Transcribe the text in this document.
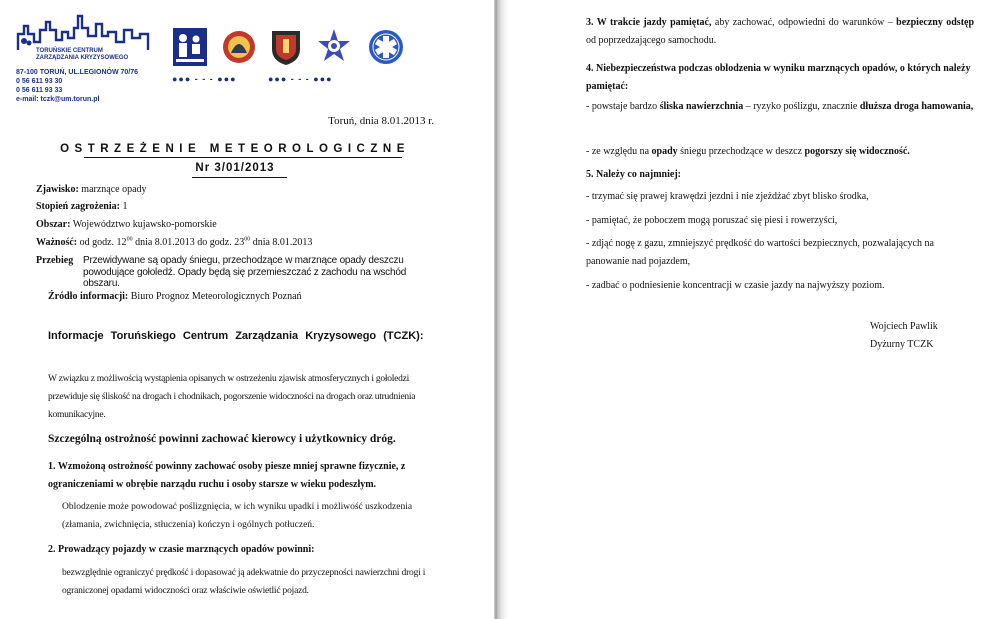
TORUŃSKIE CENTRUM
ZARZĄDZANIA KRYZYSOWEGO
87-100 TORUŃ, UL.LEGIONÓW 70/76
0 56 611 93 30
0 56 611 93 33
e-mail: tczk@um.torun.pl
●●● - - - ●●●	●●● - - - ●●●
Toruń, dnia 8.01.2013 r.
OSTRZEŻENIE METEOROLOGICZNE
Nr 3/01/2013
Zjawisko: marznące opady
Stopień zagrożenia: 1
Obszar: Województwo kujawsko-pomorskie
Ważność: od godz. $12^{00}$ dnia 8.01.2013 do godz. $23^{00}$ dnia 8.01.2013
Przebieg Przewidywane są opady śniegu, przechodzące w marznące opady deszczu powodujące gołoledź. Opady będą się przemieszczać z zachodu na wschód obszaru.
Źródło informacji: Biuro Prognoz Meteorologicznych Poznań
Informacje Toruńskiego Centrum Zarządzania Kryzysowego (TCZK):
W związku z możliwością wystąpienia opisanych w ostrzeżeniu zjawisk atmosferycznych i gołoledzi przewiduje się śliskość na drogach i chodnikach, pogorszenie widoczności na drogach oraz utrudnienia komunikacyjne.
Szczególną ostrożność powinni zachować kierowcy i użytkownicy dróg.
1. Wzmożoną ostrożność powinny zachować osoby piesze mniej sprawne fizycznie, z ograniczeniami w obrębie narządu ruchu i osoby starsze w wieku podeszłym.
Oblodzenie może powodować poślizgnięcia, w ich wyniku upadki i możliwość uszkodzenia (złamania, zwichnięcia, stłuczenia) kończyn i ogólnych potłuczeń.
2. Prowadzący pojazdy w czasie marznących opadów powinni:
bezwzględnie ograniczyć prędkość i dopasować ją adekwatnie do przyczepności nawierzchni drogi i ograniczonej opadami widoczności oraz właściwie oświetlić pojazd.
3. W trakcie jazdy pamiętać, aby zachować, odpowiedni do warunków – bezpieczny odstęp od poprzedzającego samochodu.
4. Niebezpieczeństwa podczas oblodzenia w wyniku marznących opadów, o których należy pamiętać:
- powstaje bardzo śliska nawierzchnia – ryzyko poślizgu, znacznie dłuższa droga hamowania,
- ze względu na opady śniegu przechodzące w deszcz pogorszy się widoczność.
5. Należy co najmniej:
- trzymać się prawej krawędzi jezdni i nie zjeżdżać zbyt blisko środka,
- pamiętać, że poboczem mogą poruszać się piesi i rowerzyści,
- zdjąć nogę z gazu, zmniejszyć prędkość do wartości bezpiecznych, pozwalających na panowanie nad pojazdem,
- zadbać o podniesienie koncentracji w czasie jazdy na najwyższy poziom.
Wojciech Pawlik
Dyżurny TCZK
